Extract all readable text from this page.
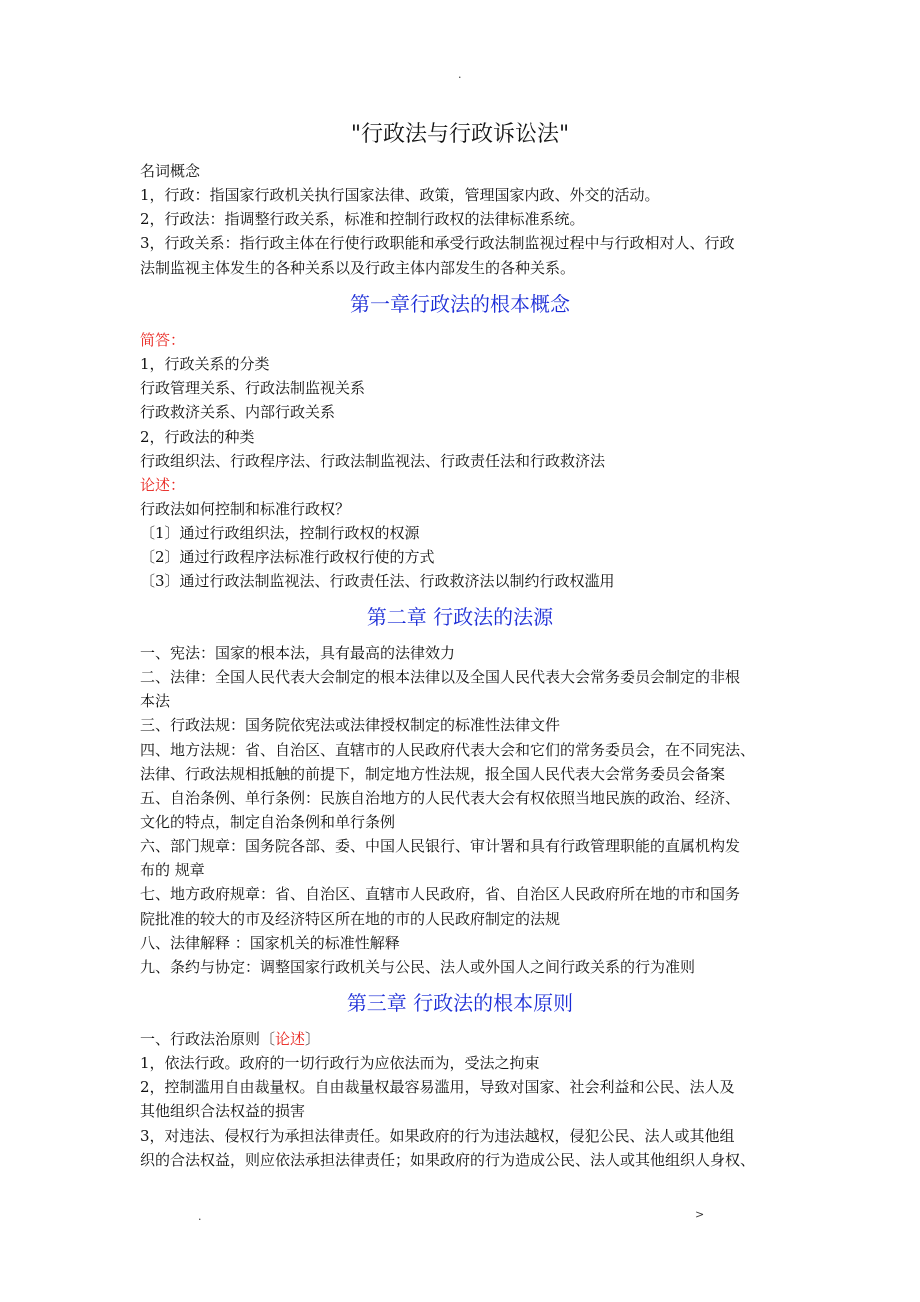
.
"行政法与行政诉讼法"
名词概念
1，行政：指国家行政机关执行国家法律、政策，管理国家内政、外交的活动。
2，行政法：指调整行政关系，标准和控制行政权的法律标准系统。
3，行政关系：指行政主体在行使行政职能和承受行政法制监视过程中与行政相对人、行政
法制监视主体发生的各种关系以及行政主体内部发生的各种关系。
第一章行政法的根本概念
简答：
1，行政关系的分类
行政管理关系、行政法制监视关系
行政救济关系、内部行政关系
2，行政法的种类
行政组织法、行政程序法、行政法制监视法、行政责任法和行政救济法
论述：
行政法如何控制和标准行政权？
〔1〕通过行政组织法，控制行政权的权源
〔2〕通过行政程序法标准行政权行使的方式
〔3〕通过行政法制监视法、行政责任法、行政救济法以制约行政权滥用
第二章 行政法的法源
一、宪法：国家的根本法，具有最高的法律效力
二、法律：全国人民代表大会制定的根本法律以及全国人民代表大会常务委员会制定的非根
本法
三、行政法规：国务院依宪法或法律授权制定的标准性法律文件
四、地方法规：省、自治区、直辖市的人民政府代表大会和它们的常务委员会，在不同宪法、
法律、行政法规相抵触的前提下，制定地方性法规，报全国人民代表大会常务委员会备案
五、自治条例、单行条例：民族自治地方的人民代表大会有权依照当地民族的政治、经济、
文化的特点，制定自治条例和单行条例
六、部门规章：国务院各部、委、中国人民银行、审计署和具有行政管理职能的直属机构发
布的 规章
七、地方政府规章：省、自治区、直辖市人民政府，省、自治区人民政府所在地的市和国务
院批准的较大的市及经济特区所在地的市的人民政府制定的法规
八、法律解释 ：国家机关的标准性解释
九、条约与协定：调整国家行政机关与公民、法人或外国人之间行政关系的行为准则
第三章 行政法的根本原则
一、行政法治原则〔论述〕
1，依法行政。政府的一切行政行为应依法而为，受法之拘束
2，控制滥用自由裁量权。自由裁量权最容易滥用，导致对国家、社会利益和公民、法人及
其他组织合法权益的损害
3，对违法、侵权行为承担法律责任。如果政府的行为违法越权，侵犯公民、法人或其他组
织的合法权益，则应依法承担法律责任；如果政府的行为造成公民、法人或其他组织人身权、
.	>
